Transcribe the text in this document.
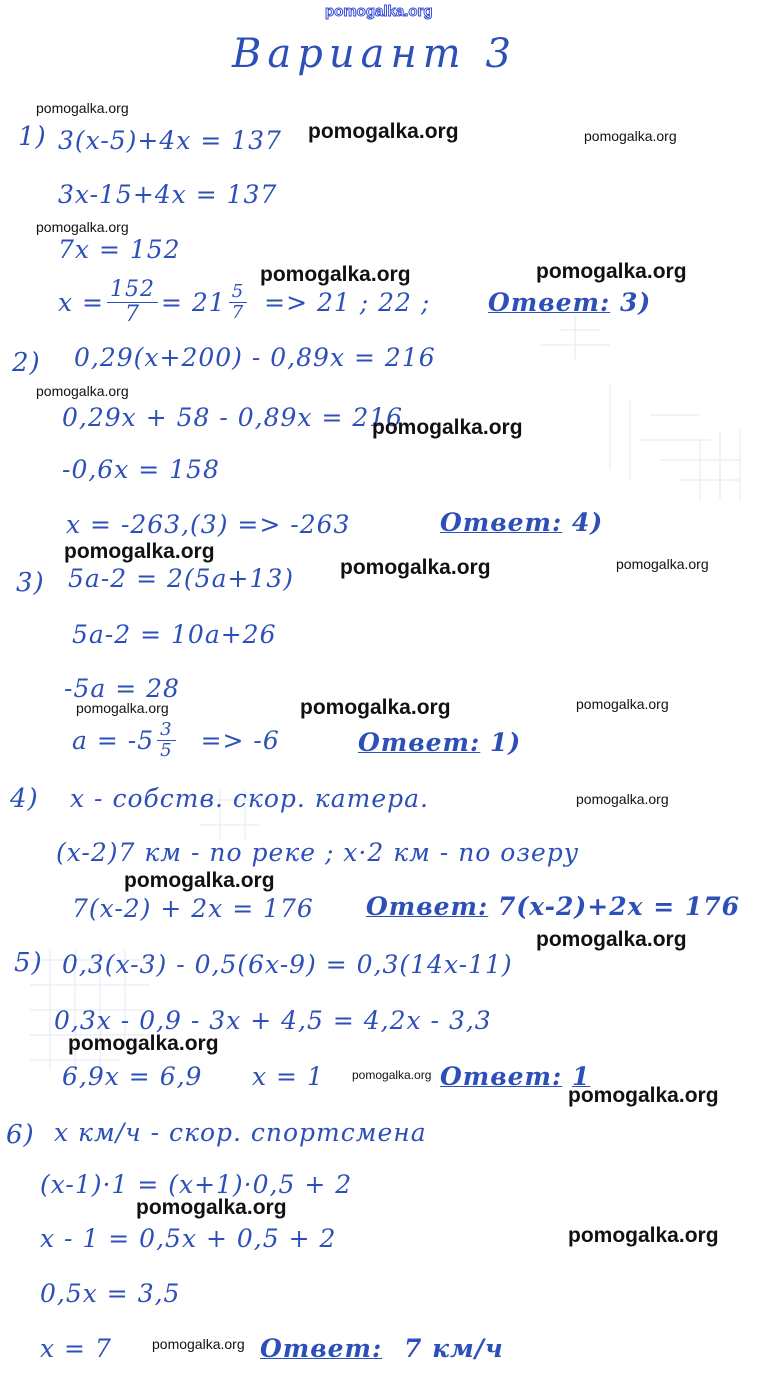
pomogalka.org
Вариант 3
1) 3(x-5)+4x = 137
3x-15+4x = 137
7x = 152
$x = \frac{152}{7} = 21 \frac{5}{7} => 21$ ; 22 ; Ответ: 3)
2) 0,29(x+200) - 0,89x = 216
0,29x + 58 - 0,89x = 216
-0,6x = 158
x = -263,(3) => -263	Ответ: 4)
3) 5a-2 = 2(5a+13)
5a-2 = 10a+26
-5a = 28
$a = -5 \frac{3}{5} => -6$	Ответ: 1)
4) x - собств. скор. катера.
(x-2)7 км - по реке ; x·2 км - по озеру
7(x-2) + 2x = 176 Ответ: 7(x-2)+2x = 176
5) 0,3(x-3) - 0,5(6x-9) = 0,3(14x-11)
0,3x - 0,9 - 3x + 4,5 = 4,2x - 3,3
6,9x = 6,9 x = 1	Ответ: 1
6) x км/ч - скор. спортсмена
(x-1)·1 = (x+1)·0,5 + 2
x - 1 = 0,5x + 0,5 + 2
0,5x = 3,5
x = 7	Ответ: 7 км/ч
pomogalka.org
pomogalka.org	pomogalka.org
pomogalka.org
pomogalka.org	pomogalka.org
pomogalka.org
pomogalka.org
pomogalka.org
pomogalka.org	pomogalka.org
pomogalka.org	pomogalka.org	pomogalka.org
pomogalka.org
pomogalka.org
pomogalka.org
pomogalka.org
pomogalka.org
pomogalka.org
pomogalka.org
pomogalka.org
pomogalka.org
